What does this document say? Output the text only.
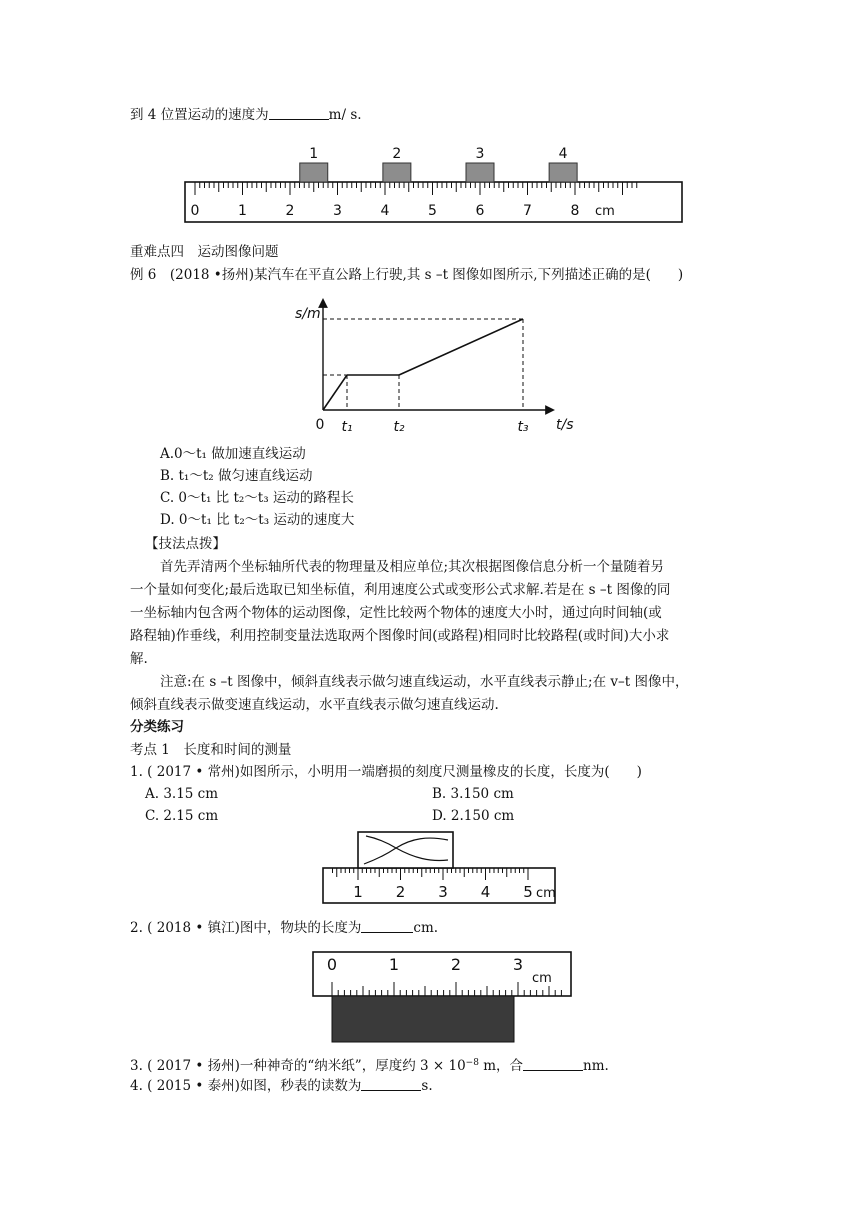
到 4 位置运动的速度为	m/ s.
0	1	2	3	4	5	6	7	8 cm
1	2	3	4
重难点四　运动图像问题
例 6　(2018 •扬州)某汽车在平直公路上行驶,其 s –t 图像如图所示,下列描述正确的是(　　)
s/m
t/s
0 t₁	t₂	t₃
A.0～t₁ 做加速直线运动
B. t₁～t₂ 做匀速直线运动
C. 0～t₁ 比 t₂～t₃ 运动的路程长
D. 0～t₁ 比 t₂～t₃ 运动的速度大
【技法点拨】
首先弄清两个坐标轴所代表的物理量及相应单位;其次根据图像信息分析一个量随着另
一个量如何变化;最后选取已知坐标值，利用速度公式或变形公式求解.若是在 s –t 图像的同
一坐标轴内包含两个物体的运动图像，定性比较两个物体的速度大小时，通过向时间轴(或
路程轴)作垂线，利用控制变量法选取两个图像时间(或路程)相同时比较路程(或时间)大小求
解.
注意:在 s –t 图像中，倾斜直线表示做匀速直线运动，水平直线表示静止;在 v–t 图像中，
倾斜直线表示做变速直线运动，水平直线表示做匀速直线运动.
分类练习
考点 1　长度和时间的测量
1. ( 2017 • 常州)如图所示，小明用一端磨损的刻度尺测量橡皮的长度，长度为(　　)
A. 3.15 cm	B. 3.150 cm
C. 2.15 cm	D. 2.150 cm
1 2 3 4 5 cm
2. ( 2018 • 镇江)图中，物块的长度为	cm.
0	1	2	3
cm
3. ( 2017 • 扬州)一种神奇的“纳米纸”，厚度约 $3 \times 10^{-8}$ m，合	nm.
4. ( 2015 • 泰州)如图，秒表的读数为	s.
